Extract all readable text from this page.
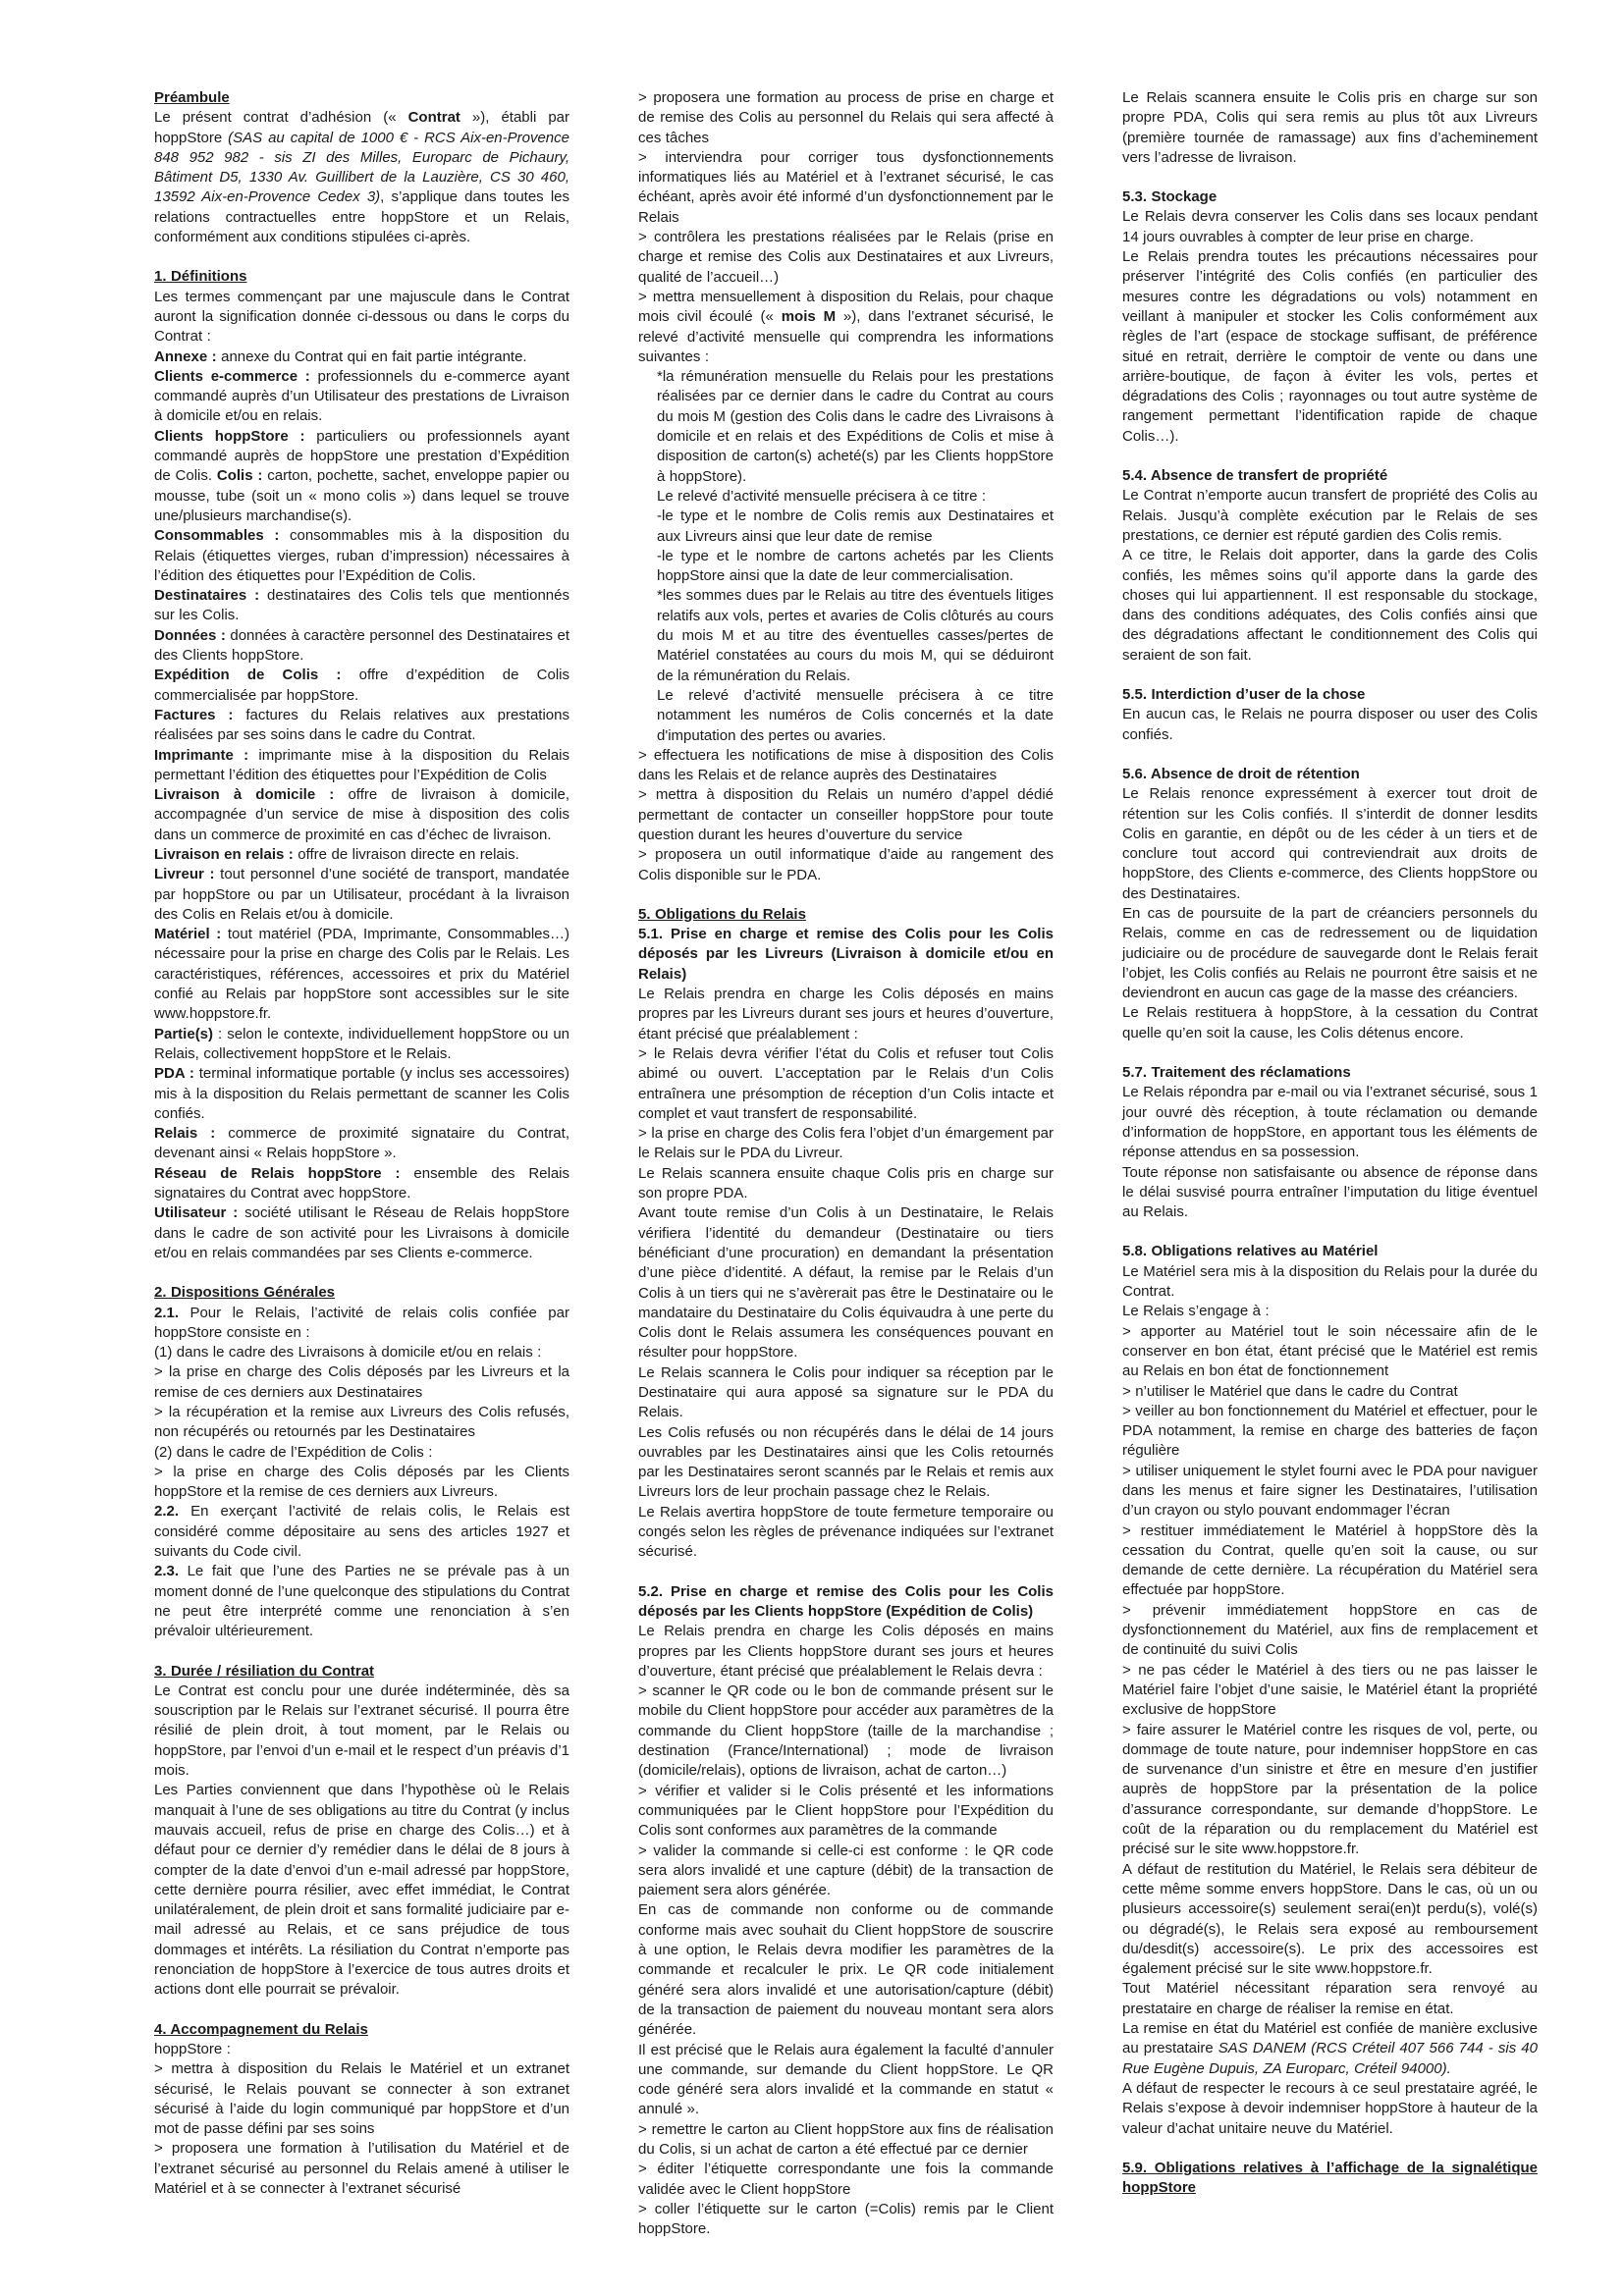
Préambule

Le présent contrat d’adhésion (« Contrat »), établi par hoppStore (SAS au capital de 1000 € - RCS Aix-en-Provence 848 952 982 - sis ZI des Milles, Europarc de Pichaury, Bâtiment D5, 1330 Av. Guillibert de la Lauzière, CS 30 460, 13592 Aix-en-Provence Cedex 3), s’applique dans toutes les relations contractuelles entre hoppStore et un Relais, conformément aux conditions stipulées ci-après.

1. Définitions

Les termes commençant par une majuscule dans le Contrat auront la signification donnée ci-dessous ou dans le corps du Contrat :

Annexe : annexe du Contrat qui en fait partie intégrante.

Clients e-commerce : professionnels du e-commerce ayant commandé auprès d’un Utilisateur des prestations de Livraison à domicile et/ou en relais.

Clients hoppStore : particuliers ou professionnels ayant commandé auprès de hoppStore une prestation d’Expédition de Colis. Colis : carton, pochette, sachet, enveloppe papier ou mousse, tube (soit un « mono colis ») dans lequel se trouve une/plusieurs marchandise(s).

Consommables : consommables mis à la disposition du Relais (étiquettes vierges, ruban d’impression) nécessaires à l’édition des étiquettes pour l’Expédition de Colis.

Destinataires : destinataires des Colis tels que mentionnés sur les Colis.

Données : données à caractère personnel des Destinataires et des Clients hoppStore.

Expédition de Colis : offre d’expédition de Colis commercialisée par hoppStore.

Factures : factures du Relais relatives aux prestations réalisées par ses soins dans le cadre du Contrat.

Imprimante : imprimante mise à la disposition du Relais permettant l’édition des étiquettes pour l’Expédition de Colis

Livraison à domicile : offre de livraison à domicile, accompagnée d’un service de mise à disposition des colis dans un commerce de proximité en cas d’échec de livraison.

Livraison en relais : offre de livraison directe en relais.

Livreur : tout personnel d’une société de transport, mandatée par hoppStore ou par un Utilisateur, procédant à la livraison des Colis en Relais et/ou à domicile.

Matériel : tout matériel (PDA, Imprimante, Consommables…) nécessaire pour la prise en charge des Colis par le Relais. Les caractéristiques, références, accessoires et prix du Matériel confié au Relais par hoppStore sont accessibles sur le site www.hoppstore.fr.

Partie(s) : selon le contexte, individuellement hoppStore ou un Relais, collectivement hoppStore et le Relais.

PDA : terminal informatique portable (y inclus ses accessoires) mis à la disposition du Relais permettant de scanner les Colis confiés.

Relais : commerce de proximité signataire du Contrat, devenant ainsi « Relais hoppStore ».

Réseau de Relais hoppStore : ensemble des Relais signataires du Contrat avec hoppStore.

Utilisateur : société utilisant le Réseau de Relais hoppStore dans le cadre de son activité pour les Livraisons à domicile et/ou en relais commandées par ses Clients e-commerce.

2. Dispositions Générales

2.1. Pour le Relais, l’activité de relais colis confiée par hoppStore consiste en :

(1) dans le cadre des Livraisons à domicile et/ou en relais :

> la prise en charge des Colis déposés par les Livreurs et la remise de ces derniers aux Destinataires

> la récupération et la remise aux Livreurs des Colis refusés, non récupérés ou retournés par les Destinataires

(2) dans le cadre de l’Expédition de Colis :

> la prise en charge des Colis déposés par les Clients hoppStore et la remise de ces derniers aux Livreurs.

2.2. En exerçant l’activité de relais colis, le Relais est considéré comme dépositaire au sens des articles 1927 et suivants du Code civil.

2.3. Le fait que l’une des Parties ne se prévale pas à un moment donné de l’une quelconque des stipulations du Contrat ne peut être interprété comme une renonciation à s’en prévaloir ultérieurement.

3. Durée / résiliation du Contrat

Le Contrat est conclu pour une durée indéterminée, dès sa souscription par le Relais sur l’extranet sécurisé. Il pourra être résilié de plein droit, à tout moment, par le Relais ou hoppStore, par l’envoi d’un e-mail et le respect d’un préavis d’1 mois.

Les Parties conviennent que dans l’hypothèse où le Relais manquait à l’une de ses obligations au titre du Contrat (y inclus mauvais accueil, refus de prise en charge des Colis…) et à défaut pour ce dernier d’y remédier dans le délai de 8 jours à compter de la date d’envoi d’un e-mail adressé par hoppStore, cette dernière pourra résilier, avec effet immédiat, le Contrat unilatéralement, de plein droit et sans formalité judiciaire par e-mail adressé au Relais, et ce sans préjudice de tous dommages et intérêts. La résiliation du Contrat n’emporte pas renonciation de hoppStore à l’exercice de tous autres droits et actions dont elle pourrait se prévaloir.

4. Accompagnement du Relais

hoppStore :

> mettra à disposition du Relais le Matériel et un extranet sécurisé, le Relais pouvant se connecter à son extranet sécurisé à l’aide du login communiqué par hoppStore et d’un mot de passe défini par ses soins

> proposera une formation à l’utilisation du Matériel et de l’extranet sécurisé au personnel du Relais amené à utiliser le Matériel et à se connecter à l’extranet sécurisé

> proposera une formation au process de prise en charge et de remise des Colis au personnel du Relais qui sera affecté à ces tâches

> interviendra pour corriger tous dysfonctionnements informatiques liés au Matériel et à l’extranet sécurisé, le cas échéant, après avoir été informé d’un dysfonctionnement par le Relais

> contrôlera les prestations réalisées par le Relais (prise en charge et remise des Colis aux Destinataires et aux Livreurs, qualité de l’accueil…)

> mettra mensuellement à disposition du Relais, pour chaque mois civil écoulé (« mois M »), dans l’extranet sécurisé, le relevé d’activité mensuelle qui comprendra les informations suivantes :

*la rémunération mensuelle du Relais pour les prestations réalisées par ce dernier dans le cadre du Contrat au cours du mois M (gestion des Colis dans le cadre des Livraisons à domicile et en relais et des Expéditions de Colis et mise à disposition de carton(s) acheté(s) par les Clients hoppStore à hoppStore).

Le relevé d’activité mensuelle précisera à ce titre :

-le type et le nombre de Colis remis aux Destinataires et aux Livreurs ainsi que leur date de remise

-le type et le nombre de cartons achetés par les Clients hoppStore ainsi que la date de leur commercialisation.

*les sommes dues par le Relais au titre des éventuels litiges relatifs aux vols, pertes et avaries de Colis clôturés au cours du mois M et au titre des éventuelles casses/pertes de Matériel constatées au cours du mois M, qui se déduiront de la rémunération du Relais.

Le relevé d’activité mensuelle précisera à ce titre notamment les numéros de Colis concernés et la date d'imputation des pertes ou avaries.

> effectuera les notifications de mise à disposition des Colis dans les Relais et de relance auprès des Destinataires

> mettra à disposition du Relais un numéro d’appel dédié permettant de contacter un conseiller hoppStore pour toute question durant les heures d’ouverture du service

> proposera un outil informatique d’aide au rangement des Colis disponible sur le PDA.

5. Obligations du Relais

5.1. Prise en charge et remise des Colis pour les Colis déposés par les Livreurs (Livraison à domicile et/ou en Relais)

Le Relais prendra en charge les Colis déposés en mains propres par les Livreurs durant ses jours et heures d’ouverture, étant précisé que préalablement :

> le Relais devra vérifier l’état du Colis et refuser tout Colis abimé ou ouvert. L’acceptation par le Relais d’un Colis entraînera une présomption de réception d’un Colis intacte et complet et vaut transfert de responsabilité.

> la prise en charge des Colis fera l’objet d’un émargement par le Relais sur le PDA du Livreur.

Le Relais scannera ensuite chaque Colis pris en charge sur son propre PDA.

Avant toute remise d’un Colis à un Destinataire, le Relais vérifiera l’identité du demandeur (Destinataire ou tiers bénéficiant d’une procuration) en demandant la présentation d’une pièce d’identité. A défaut, la remise par le Relais d’un Colis à un tiers qui ne s’avèrerait pas être le Destinataire ou le mandataire du Destinataire du Colis équivaudra à une perte du Colis dont le Relais assumera les conséquences pouvant en résulter pour hoppStore.

Le Relais scannera le Colis pour indiquer sa réception par le Destinataire qui aura apposé sa signature sur le PDA du Relais.

Les Colis refusés ou non récupérés dans le délai de 14 jours ouvrables par les Destinataires ainsi que les Colis retournés par les Destinataires seront scannés par le Relais et remis aux Livreurs lors de leur prochain passage chez le Relais.

Le Relais avertira hoppStore de toute fermeture temporaire ou congés selon les règles de prévenance indiquées sur l’extranet sécurisé.

5.2. Prise en charge et remise des Colis pour les Colis déposés par les Clients hoppStore (Expédition de Colis)

Le Relais prendra en charge les Colis déposés en mains propres par les Clients hoppStore durant ses jours et heures d’ouverture, étant précisé que préalablement le Relais devra :

> scanner le QR code ou le bon de commande présent sur le mobile du Client hoppStore pour accéder aux paramètres de la commande du Client hoppStore (taille de la marchandise ; destination (France/International) ; mode de livraison (domicile/relais), options de livraison, achat de carton…)

> vérifier et valider si le Colis présenté et les informations communiquées par le Client hoppStore pour l’Expédition du Colis sont conformes aux paramètres de la commande

> valider la commande si celle-ci est conforme : le QR code sera alors invalidé et une capture (débit) de la transaction de paiement sera alors générée.

En cas de commande non conforme ou de commande conforme mais avec souhait du Client hoppStore de souscrire à une option, le Relais devra modifier les paramètres de la commande et recalculer le prix. Le QR code initialement généré sera alors invalidé et une autorisation/capture (débit) de la transaction de paiement du nouveau montant sera alors générée.

Il est précisé que le Relais aura également la faculté d’annuler une commande, sur demande du Client hoppStore. Le QR code généré sera alors invalidé et la commande en statut « annulé ».

> remettre le carton au Client hoppStore aux fins de réalisation du Colis, si un achat de carton a été effectué par ce dernier

> éditer l’étiquette correspondante une fois la commande validée avec le Client hoppStore

> coller l’étiquette sur le carton (=Colis) remis par le Client hoppStore.

Le Relais scannera ensuite le Colis pris en charge sur son propre PDA, Colis qui sera remis au plus tôt aux Livreurs (première tournée de ramassage) aux fins d’acheminement vers l’adresse de livraison.

5.3. Stockage

Le Relais devra conserver les Colis dans ses locaux pendant 14 jours ouvrables à compter de leur prise en charge.

Le Relais prendra toutes les précautions nécessaires pour préserver l’intégrité des Colis confiés (en particulier des mesures contre les dégradations ou vols) notamment en veillant à manipuler et stocker les Colis conformément aux règles de l’art (espace de stockage suffisant, de préférence situé en retrait, derrière le comptoir de vente ou dans une arrière-boutique, de façon à éviter les vols, pertes et dégradations des Colis ; rayonnages ou tout autre système de rangement permettant l’identification rapide de chaque Colis…).

5.4. Absence de transfert de propriété

Le Contrat n’emporte aucun transfert de propriété des Colis au Relais. Jusqu’à complète exécution par le Relais de ses prestations, ce dernier est réputé gardien des Colis remis.

A ce titre, le Relais doit apporter, dans la garde des Colis confiés, les mêmes soins qu’il apporte dans la garde des choses qui lui appartiennent. Il est responsable du stockage, dans des conditions adéquates, des Colis confiés ainsi que des dégradations affectant le conditionnement des Colis qui seraient de son fait.

5.5. Interdiction d’user de la chose

En aucun cas, le Relais ne pourra disposer ou user des Colis confiés.

5.6. Absence de droit de rétention

Le Relais renonce expressément à exercer tout droit de rétention sur les Colis confiés. Il s’interdit de donner lesdits Colis en garantie, en dépôt ou de les céder à un tiers et de conclure tout accord qui contreviendrait aux droits de hoppStore, des Clients e-commerce, des Clients hoppStore ou des Destinataires.

En cas de poursuite de la part de créanciers personnels du Relais, comme en cas de redressement ou de liquidation judiciaire ou de procédure de sauvegarde dont le Relais ferait l’objet, les Colis confiés au Relais ne pourront être saisis et ne deviendront en aucun cas gage de la masse des créanciers.

Le Relais restituera à hoppStore, à la cessation du Contrat quelle qu’en soit la cause, les Colis détenus encore.

5.7. Traitement des réclamations

Le Relais répondra par e-mail ou via l’extranet sécurisé, sous 1 jour ouvré dès réception, à toute réclamation ou demande d’information de hoppStore, en apportant tous les éléments de réponse attendus en sa possession.

Toute réponse non satisfaisante ou absence de réponse dans le délai susvisé pourra entraîner l’imputation du litige éventuel au Relais.

5.8. Obligations relatives au Matériel

Le Matériel sera mis à la disposition du Relais pour la durée du Contrat.

Le Relais s’engage à :

> apporter au Matériel tout le soin nécessaire afin de le conserver en bon état, étant précisé que le Matériel est remis au Relais en bon état de fonctionnement

> n’utiliser le Matériel que dans le cadre du Contrat

> veiller au bon fonctionnement du Matériel et effectuer, pour le PDA notamment, la remise en charge des batteries de façon régulière

> utiliser uniquement le stylet fourni avec le PDA pour naviguer dans les menus et faire signer les Destinataires, l’utilisation d’un crayon ou stylo pouvant endommager l’écran

> restituer immédiatement le Matériel à hoppStore dès la cessation du Contrat, quelle qu’en soit la cause, ou sur demande de cette dernière. La récupération du Matériel sera effectuée par hoppStore.

> prévenir immédiatement hoppStore en cas de dysfonctionnement du Matériel, aux fins de remplacement et de continuité du suivi Colis

> ne pas céder le Matériel à des tiers ou ne pas laisser le Matériel faire l’objet d’une saisie, le Matériel étant la propriété exclusive de hoppStore

> faire assurer le Matériel contre les risques de vol, perte, ou dommage de toute nature, pour indemniser hoppStore en cas de survenance d’un sinistre et être en mesure d’en justifier auprès de hoppStore par la présentation de la police d’assurance correspondante, sur demande d’hoppStore. Le coût de la réparation ou du remplacement du Matériel est précisé sur le site www.hoppstore.fr.

A défaut de restitution du Matériel, le Relais sera débiteur de cette même somme envers hoppStore. Dans le cas, où un ou plusieurs accessoire(s) seulement serai(en)t perdu(s), volé(s) ou dégradé(s), le Relais sera exposé au remboursement du/desdit(s) accessoire(s). Le prix des accessoires est également précisé sur le site www.hoppstore.fr.

Tout Matériel nécessitant réparation sera renvoyé au prestataire en charge de réaliser la remise en état.

La remise en état du Matériel est confiée de manière exclusive au prestataire SAS DANEM (RCS Créteil 407 566 744 - sis 40 Rue Eugène Dupuis, ZA Europarc, Créteil 94000).

A défaut de respecter le recours à ce seul prestataire agréé, le Relais s’expose à devoir indemniser hoppStore à hauteur de la valeur d’achat unitaire neuve du Matériel.

5.9. Obligations relatives à l’affichage de la signalétique hoppStore
